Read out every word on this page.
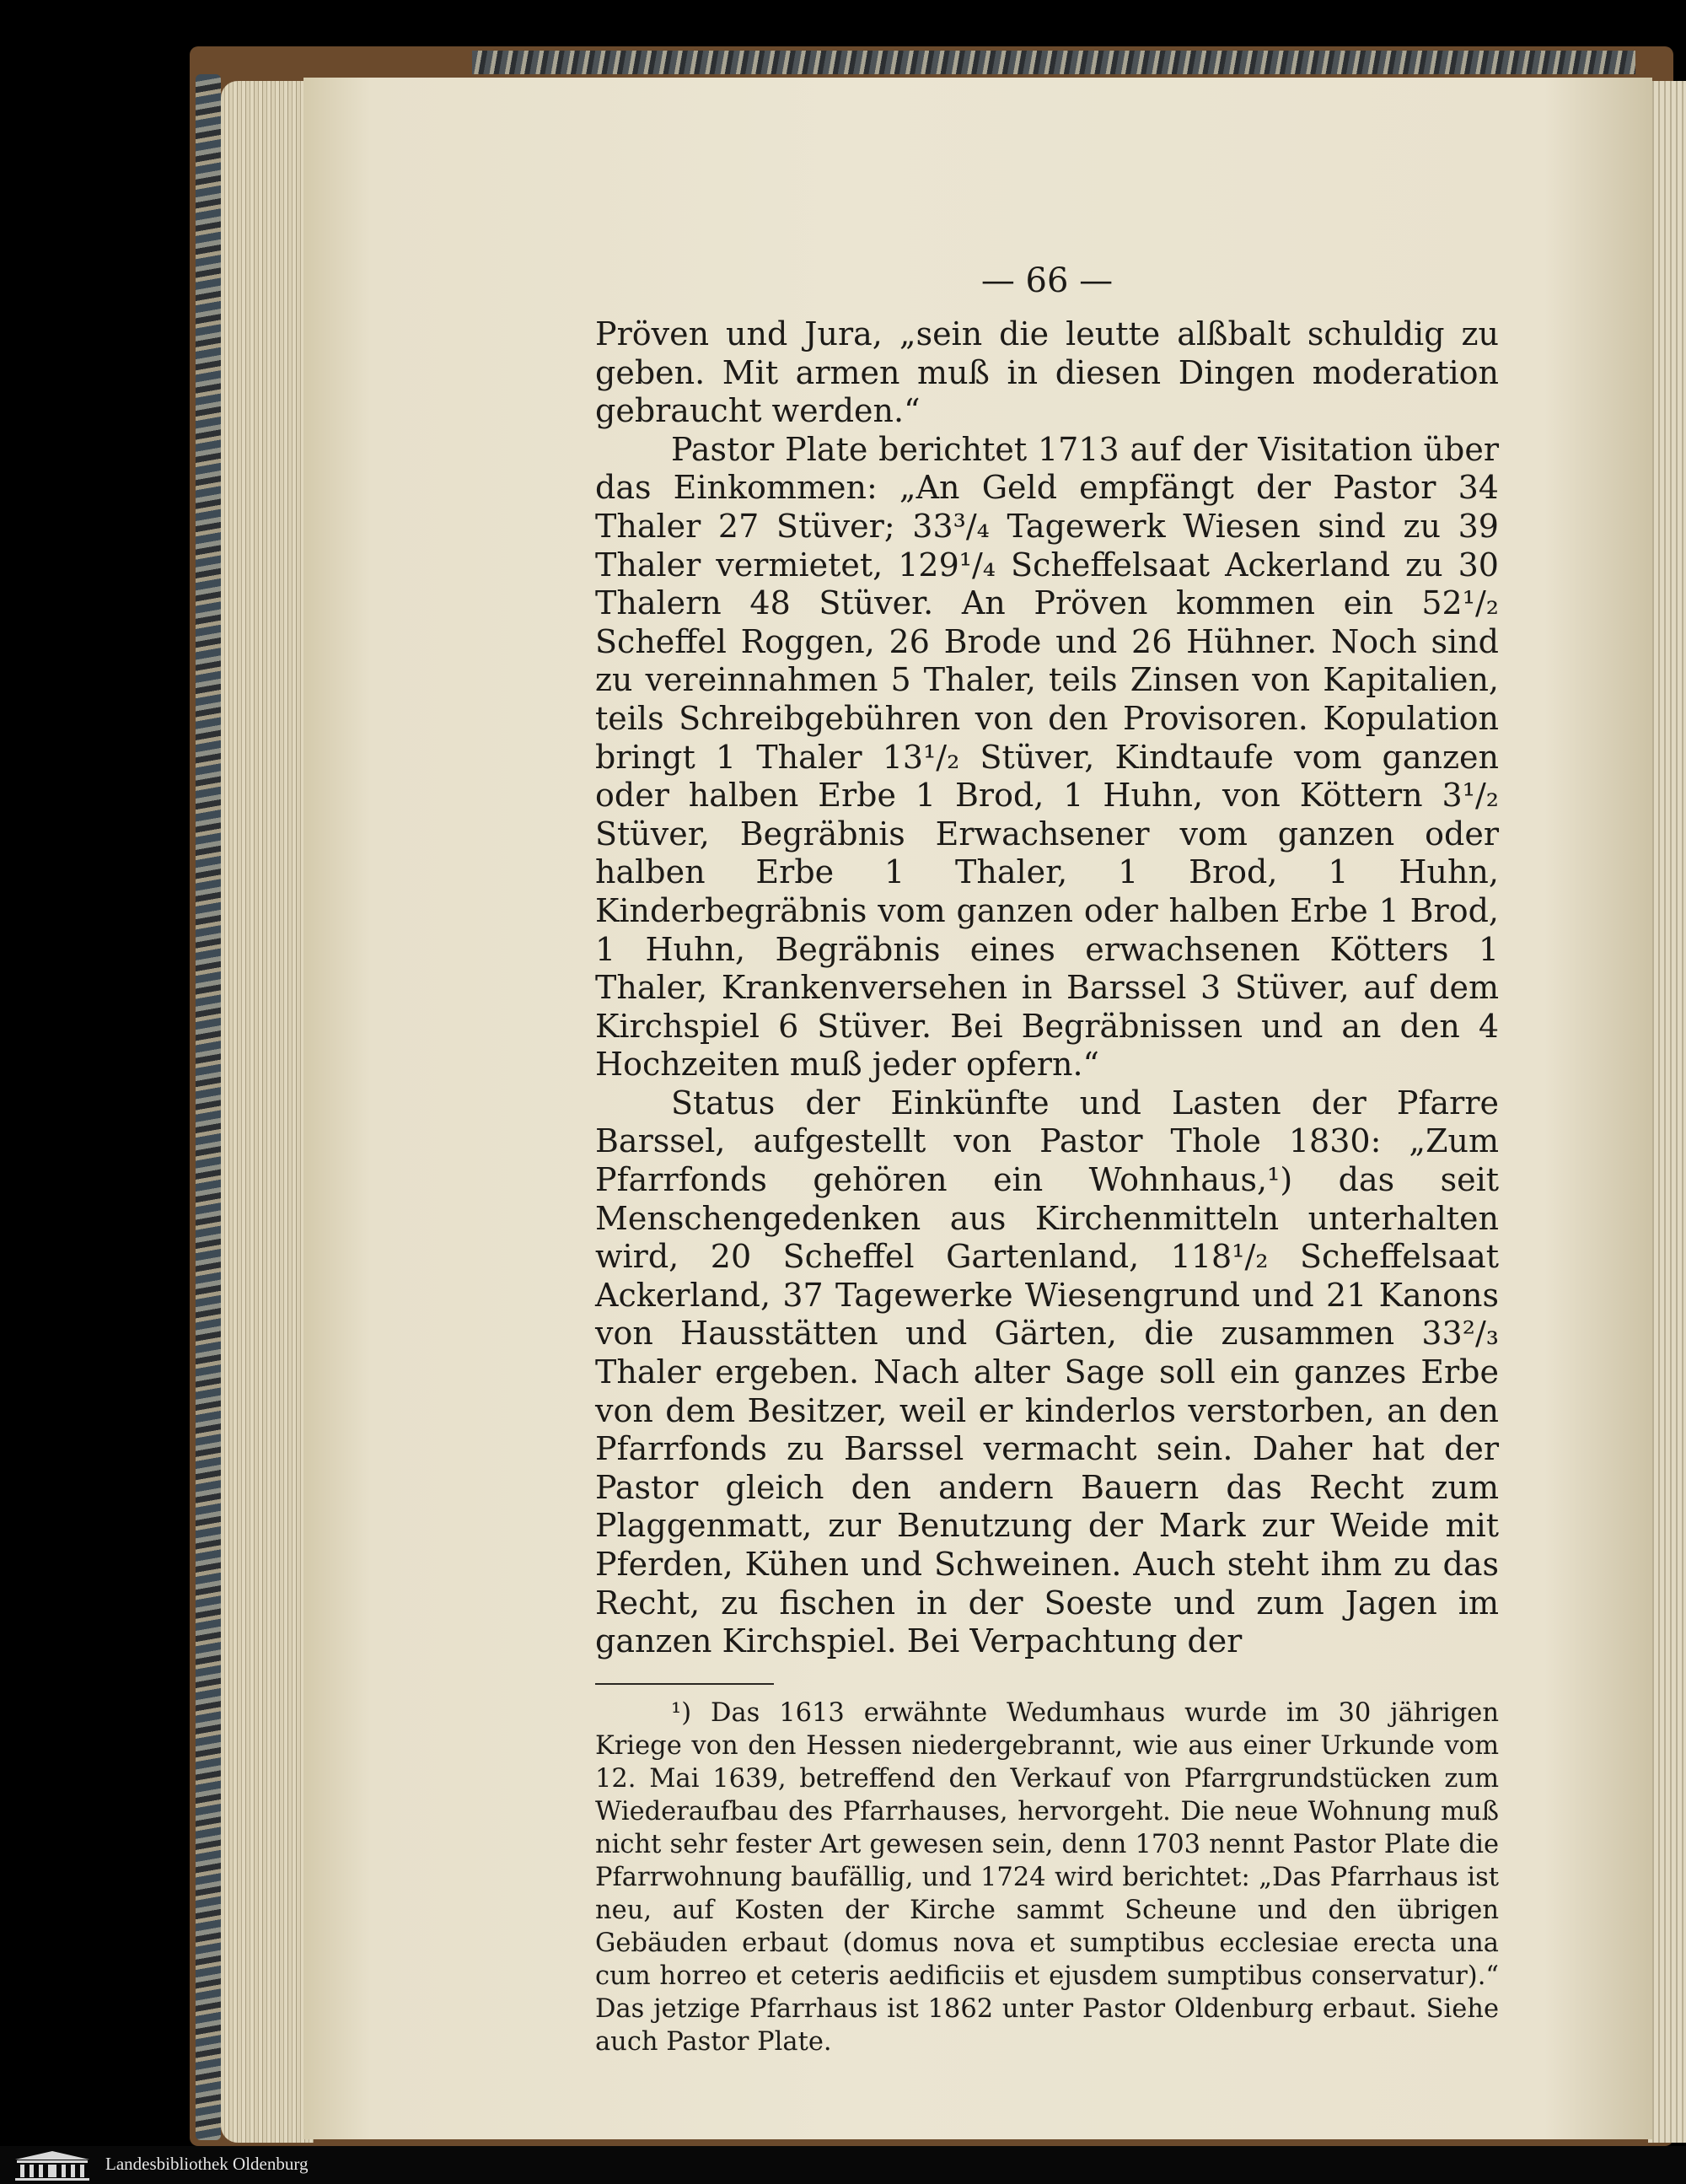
— 66 —

Pröven und Jura, „sein die leutte alßbalt schuldig zu geben. Mit armen muß in diesen Dingen moderation gebraucht werden.“

Pastor Plate berichtet 1713 auf der Visitation über das Einkommen: „An Geld empfängt der Pastor 34 Thaler 27 Stüver; 33³/₄ Tagewerk Wiesen sind zu 39 Thaler vermietet, 129¹/₄ Scheffelsaat Ackerland zu 30 Thalern 48 Stüver. An Pröven kommen ein 52¹/₂ Scheffel Roggen, 26 Brode und 26 Hühner. Noch sind zu vereinnahmen 5 Thaler, teils Zinsen von Kapitalien, teils Schreibgebühren von den Provisoren. Kopulation bringt 1 Thaler 13¹/₂ Stüver, Kindtaufe vom ganzen oder halben Erbe 1 Brod, 1 Huhn, von Köttern 3¹/₂ Stüver, Begräbnis Erwachsener vom ganzen oder halben Erbe 1 Thaler, 1 Brod, 1 Huhn, Kinderbegräbnis vom ganzen oder halben Erbe 1 Brod, 1 Huhn, Begräbnis eines erwachsenen Kötters 1 Thaler, Krankenversehen in Barssel 3 Stüver, auf dem Kirchspiel 6 Stüver. Bei Begräbnissen und an den 4 Hochzeiten muß jeder opfern.“

Status der Einkünfte und Lasten der Pfarre Barssel, aufgestellt von Pastor Thole 1830: „Zum Pfarrfonds gehören ein Wohnhaus,¹) das seit Menschengedenken aus Kirchenmitteln unterhalten wird, 20 Scheffel Gartenland, 118¹/₂ Scheffelsaat Ackerland, 37 Tagewerke Wiesengrund und 21 Kanons von Hausstätten und Gärten, die zusammen 33²/₃ Thaler ergeben. Nach alter Sage soll ein ganzes Erbe von dem Besitzer, weil er kinderlos verstorben, an den Pfarrfonds zu Barssel vermacht sein. Daher hat der Pastor gleich den andern Bauern das Recht zum Plaggenmatt, zur Benutzung der Mark zur Weide mit Pferden, Kühen und Schweinen. Auch steht ihm zu das Recht, zu fischen in der Soeste und zum Jagen im ganzen Kirchspiel. Bei Verpachtung der

¹) Das 1613 erwähnte Wedumhaus wurde im 30 jährigen Kriege von den Hessen niedergebrannt, wie aus einer Urkunde vom 12. Mai 1639, betreffend den Verkauf von Pfarrgrundstücken zum Wiederaufbau des Pfarrhauses, hervorgeht. Die neue Wohnung muß nicht sehr fester Art gewesen sein, denn 1703 nennt Pastor Plate die Pfarrwohnung baufällig, und 1724 wird berichtet: „Das Pfarrhaus ist neu, auf Kosten der Kirche sammt Scheune und den übrigen Gebäuden erbaut (domus nova et sumptibus ecclesiae erecta una cum horreo et ceteris aedificiis et ejusdem sumptibus conservatur).“ Das jetzige Pfarrhaus ist 1862 unter Pastor Oldenburg erbaut. Siehe auch Pastor Plate.

Landesbibliothek Oldenburg
